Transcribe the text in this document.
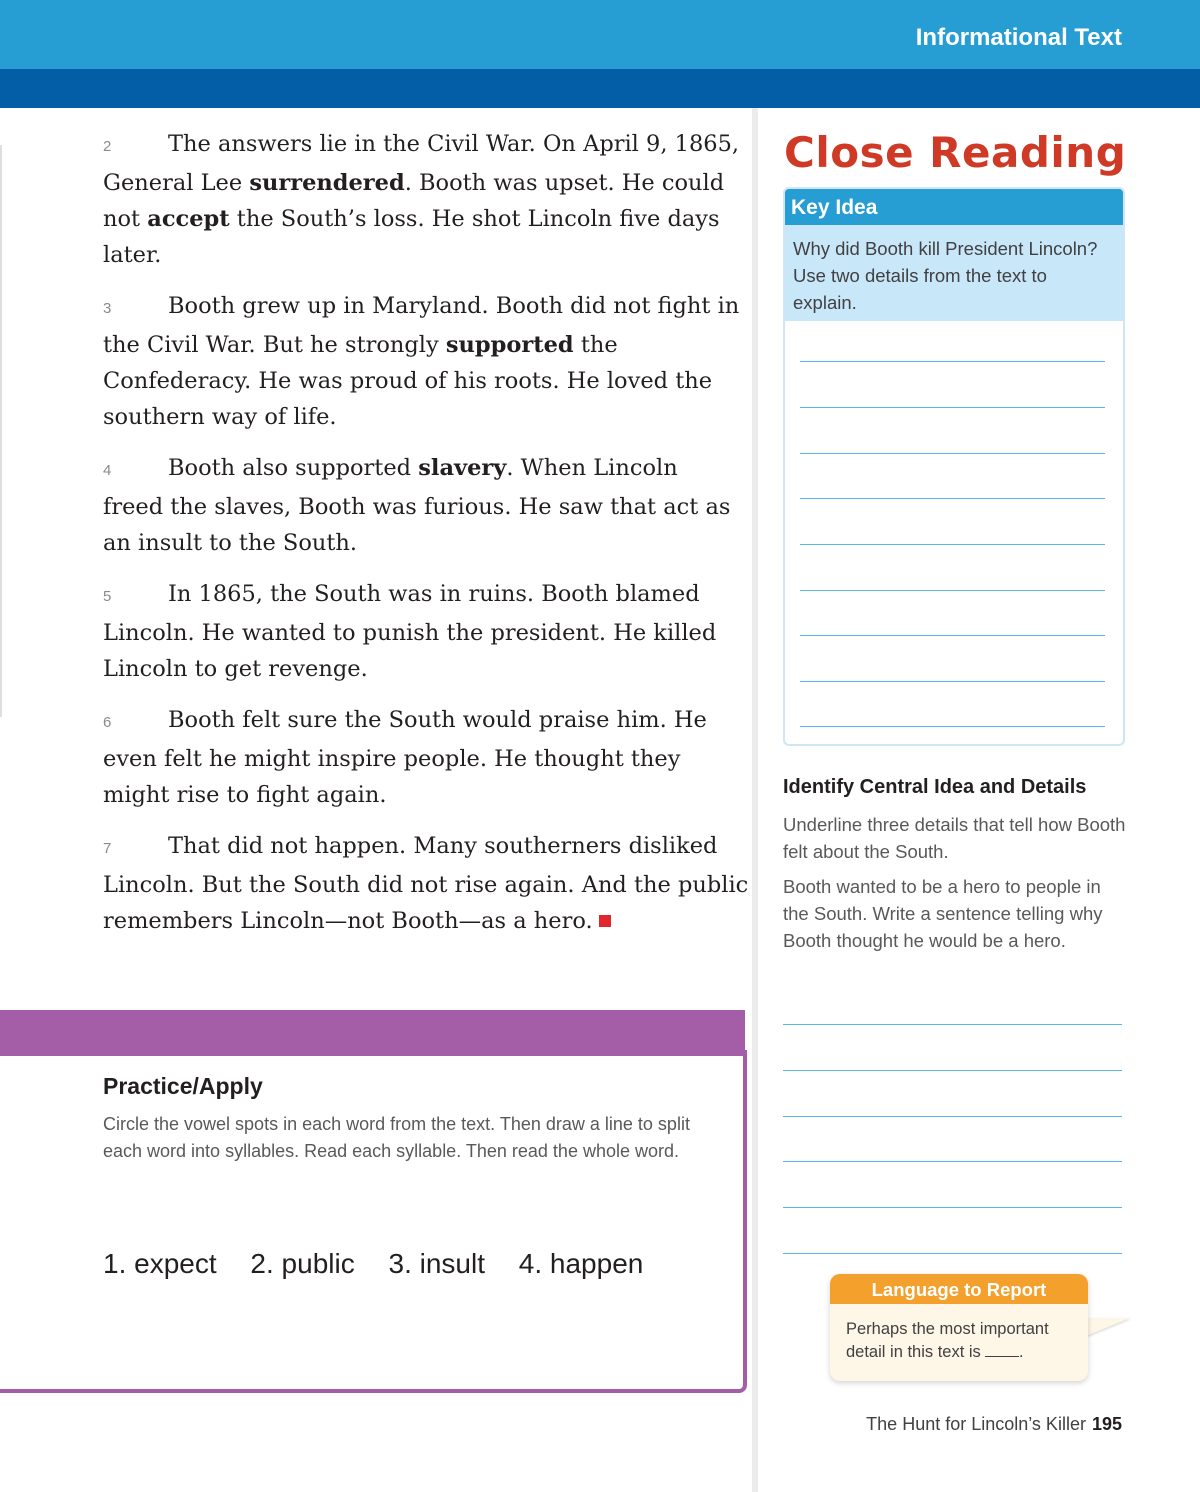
Informational Text

2	The answers lie in the Civil War. On April 9, 1865, General Lee surrendered. Booth was upset. He could not accept the South’s loss. He shot Lincoln five days later.

3	Booth grew up in Maryland. Booth did not fight in the Civil War. But he strongly supported the Confederacy. He was proud of his roots. He loved the southern way of life.

4	Booth also supported slavery. When Lincoln freed the slaves, Booth was furious. He saw that act as an insult to the South.

5	In 1865, the South was in ruins. Booth blamed Lincoln. He wanted to punish the president. He killed Lincoln to get revenge.

6	Booth felt sure the South would praise him. He even felt he might inspire people. He thought they might rise to fight again.

7	That did not happen. Many southerners disliked Lincoln. But the South did not rise again. And the public remembers Lincoln—not Booth—as a hero.

Practice/Apply
Circle the vowel spots in each word from the text. Then draw a line to split each word into syllables. Read each syllable. Then read the whole word.
1. expect 2. public 3. insult 4. happen
Close Reading
Key Idea
Why did Booth kill President Lincoln? Use two details from the text to explain.
Identify Central Idea and Details
Underline three details that tell how Booth felt about the South.
Booth wanted to be a hero to people in the South. Write a sentence telling why Booth thought he would be a hero.
Language to Report
Perhaps the most important detail in this text is .
The Hunt for Lincoln’s Killer 195
